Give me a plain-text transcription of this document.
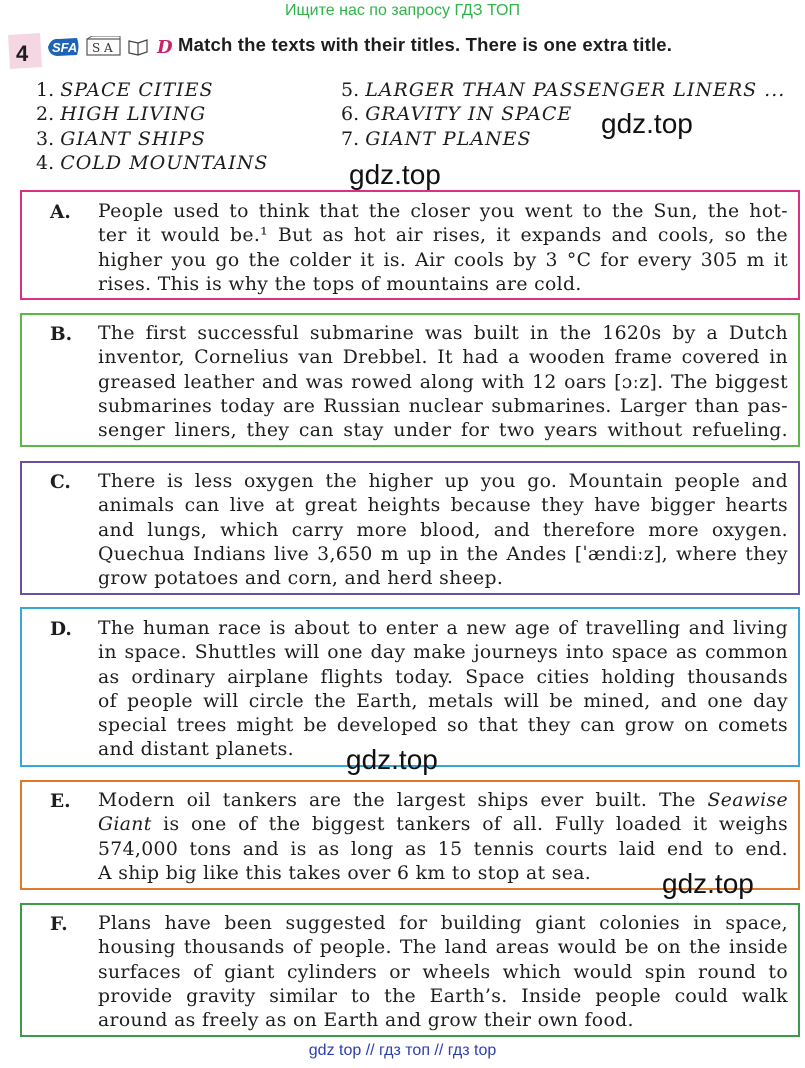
Ищите нас по запросу ГДЗ ТОП
4 SFA S A D Match the texts with their titles. There is one extra title.
1. SPACE CITIES
2. HIGH LIVING
3. GIANT SHIPS
4. COLD MOUNTAINS
5. LARGER THAN PASSENGER LINERS ...
6. GRAVITY IN SPACE
7. GIANT PLANES	gdz.top
gdz.top
A. People used to think that the closer you went to the Sun, the hot-
ter it would be.¹ But as hot air rises, it expands and cools, so the
higher you go the colder it is. Air cools by 3 °C for every 305 m it
rises. This is why the tops of mountains are cold.
B. The first successful submarine was built in the 1620s by a Dutch
inventor, Cornelius van Drebbel. It had a wooden frame covered in
greased leather and was rowed along with 12 oars [ɔːz]. The biggest
submarines today are Russian nuclear submarines. Larger than pas-
senger liners, they can stay under for two years without refueling.
C. There is less oxygen the higher up you go. Mountain people and
animals can live at great heights because they have bigger hearts
and lungs, which carry more blood, and therefore more oxygen.
Quechua Indians live 3,650 m up in the Andes [ˈændiːz], where they
grow potatoes and corn, and herd sheep.
D. The human race is about to enter a new age of travelling and living
in space. Shuttles will one day make journeys into space as common
as ordinary airplane flights today. Space cities holding thousands
of people will circle the Earth, metals will be mined, and one day
special trees might be developed so that they can grow on comets
and distant planets.	gdz.top
E. Modern oil tankers are the largest ships ever built. The Seawise
Giant is one of the biggest tankers of all. Fully loaded it weighs
574,000 tons and is as long as 15 tennis courts laid end to end.
A ship big like this takes over 6 km to stop at sea.	gdz.top
F. Plans have been suggested for building giant colonies in space,
housing thousands of people. The land areas would be on the inside
surfaces of giant cylinders or wheels which would spin round to
provide gravity similar to the Earth’s. Inside people could walk
around as freely as on Earth and grow their own food.
gdz top // гдз топ // гдз top
